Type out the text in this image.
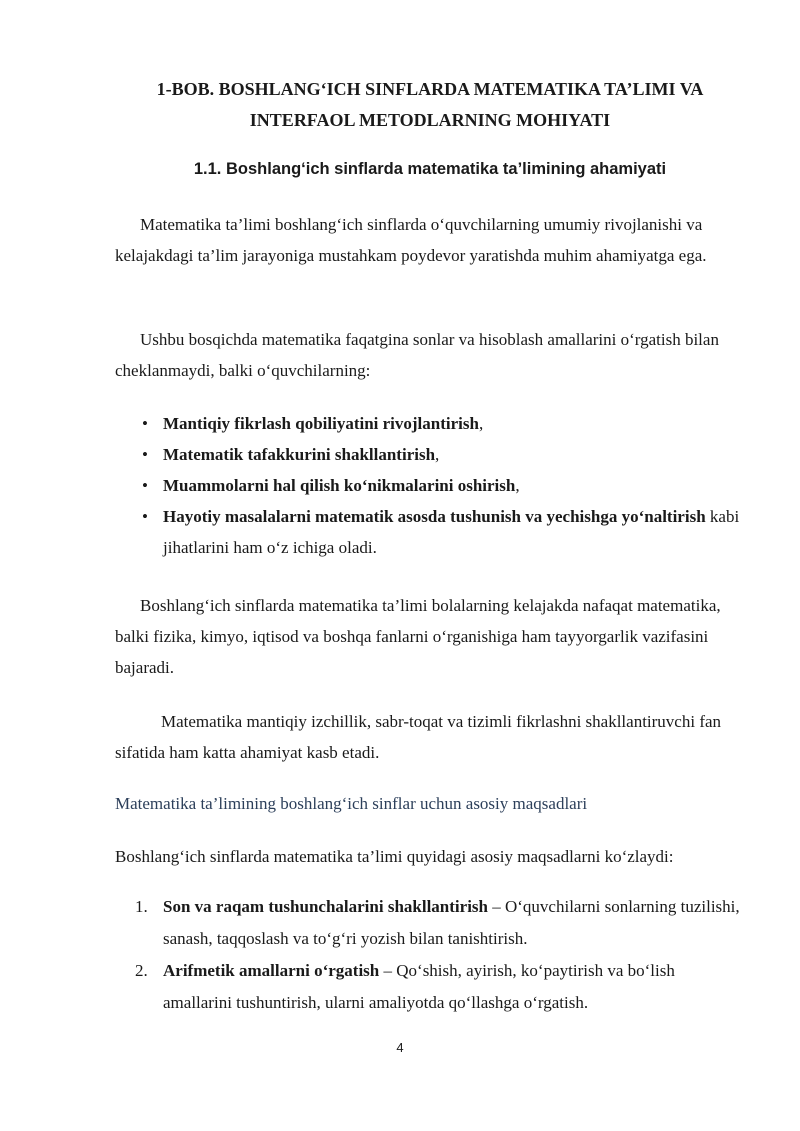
1-BOB. BOSHLANG‘ICH SINFLARDA MATEMATIKA TA’LIMI VA
INTERFAOL METODLARNING MOHIYATI
1.1. Boshlang‘ich sinflarda matematika ta’limining ahamiyati

Matematika ta’limi boshlang‘ich sinflarda o‘quvchilarning umumiy rivojlanishi va kelajakdagi ta’lim jarayoniga mustahkam poydevor yaratishda muhim ahamiyatga ega.

Ushbu bosqichda matematika faqatgina sonlar va hisoblash amallarini o‘rgatish bilan cheklanmaydi, balki o‘quvchilarning:

• Mantiqiy fikrlash qobiliyatini rivojlantirish,
• Matematik tafakkurini shakllantirish,
• Muammolarni hal qilish ko‘nikmalarini oshirish,
• Hayotiy masalalarni matematik asosda tushunish va yechishga yo‘naltirish kabi jihatlarini ham o‘z ichiga oladi.

Boshlang‘ich sinflarda matematika ta’limi bolalarning kelajakda nafaqat matematika, balki fizika, kimyo, iqtisod va boshqa fanlarni o‘rganishiga ham tayyorgarlik vazifasini bajaradi.

Matematika mantiqiy izchillik, sabr-toqat va tizimli fikrlashni shakllantiruvchi fan sifatida ham katta ahamiyat kasb etadi.

Matematika ta’limining boshlang‘ich sinflar uchun asosiy maqsadlari

Boshlang‘ich sinflarda matematika ta’limi quyidagi asosiy maqsadlarni ko‘zlaydi:

1. Son va raqam tushunchalarini shakllantirish – O‘quvchilarni sonlarning tuzilishi, sanash, taqqoslash va to‘g‘ri yozish bilan tanishtirish.
2. Arifmetik amallarni o‘rgatish – Qo‘shish, ayirish, ko‘paytirish va bo‘lish amallarini tushuntirish, ularni amaliyotda qo‘llashga o‘rgatish.
4
